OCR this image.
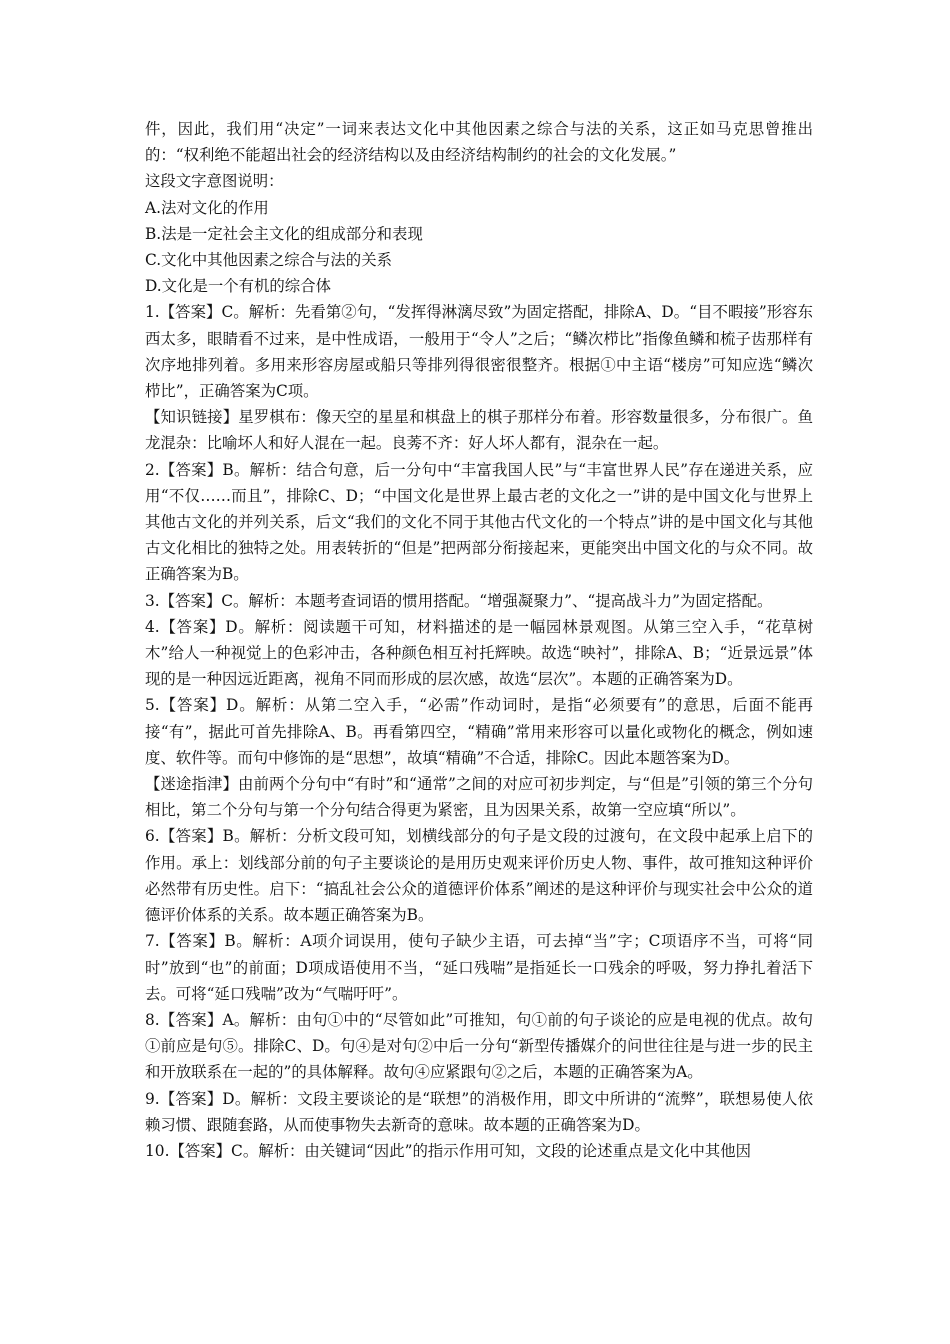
件，因此，我们用“决定”一词来表达文化中其他因素之综合与法的关系，这正如马克思曾推出的：“权利绝不能超出社会的经济结构以及由经济结构制约的社会的文化发展。”

这段文字意图说明：

A.法对文化的作用

B.法是一定社会主文化的组成部分和表现

C.文化中其他因素之综合与法的关系

D.文化是一个有机的综合体

1.【答案】C。解析：先看第②句，“发挥得淋漓尽致”为固定搭配，排除A、D。“目不暇接”形容东西太多，眼睛看不过来，是中性成语，一般用于“令人”之后；“鳞次栉比”指像鱼鳞和梳子齿那样有次序地排列着。多用来形容房屋或船只等排列得很密很整齐。根据①中主语“楼房”可知应选“鳞次栉比”，正确答案为C项。

【知识链接】星罗棋布：像天空的星星和棋盘上的棋子那样分布着。形容数量很多，分布很广。鱼龙混杂：比喻坏人和好人混在一起。良莠不齐：好人坏人都有，混杂在一起。

2.【答案】B。解析：结合句意，后一分句中“丰富我国人民”与“丰富世界人民”存在递进关系，应用“不仅……而且”，排除C、D；“中国文化是世界上最古老的文化之一”讲的是中国文化与世界上其他古文化的并列关系，后文“我们的文化不同于其他古代文化的一个特点”讲的是中国文化与其他古文化相比的独特之处。用表转折的“但是”把两部分衔接起来，更能突出中国文化的与众不同。故正确答案为B。

3.【答案】C。解析：本题考查词语的惯用搭配。“增强凝聚力”、“提高战斗力”为固定搭配。

4.【答案】D。解析：阅读题干可知，材料描述的是一幅园林景观图。从第三空入手，“花草树木”给人一种视觉上的色彩冲击，各种颜色相互衬托辉映。故选“映衬”，排除A、B；“近景远景”体现的是一种因远近距离，视角不同而形成的层次感，故选“层次”。本题的正确答案为D。

5.【答案】D。解析：从第二空入手，“必需”作动词时，是指“必须要有”的意思，后面不能再接“有”，据此可首先排除A、B。再看第四空，“精确”常用来形容可以量化或物化的概念，例如速度、软件等。而句中修饰的是“思想”，故填“精确”不合适，排除C。因此本题答案为D。

【迷途指津】由前两个分句中“有时”和“通常”之间的对应可初步判定，与“但是”引领的第三个分句相比，第二个分句与第一个分句结合得更为紧密，且为因果关系，故第一空应填“所以”。

6.【答案】B。解析：分析文段可知，划横线部分的句子是文段的过渡句，在文段中起承上启下的作用。承上：划线部分前的句子主要谈论的是用历史观来评价历史人物、事件，故可推知这种评价必然带有历史性。启下：“搞乱社会公众的道德评价体系”阐述的是这种评价与现实社会中公众的道德评价体系的关系。故本题正确答案为B。

7.【答案】B。解析：A项介词误用，使句子缺少主语，可去掉“当”字；C项语序不当，可将“同时”放到“也”的前面；D项成语使用不当，“延口残喘”是指延长一口残余的呼吸，努力挣扎着活下去。可将“延口残喘”改为“气喘吁吁”。

8.【答案】A。解析：由句①中的“尽管如此”可推知，句①前的句子谈论的应是电视的优点。故句①前应是句⑤。排除C、D。句④是对句②中后一分句“新型传播媒介的问世往往是与进一步的民主和开放联系在一起的”的具体解释。故句④应紧跟句②之后，本题的正确答案为A。

9.【答案】D。解析：文段主要谈论的是“联想”的消极作用，即文中所讲的“流弊”，联想易使人依赖习惯、跟随套路，从而使事物失去新奇的意味。故本题的正确答案为D。

10.【答案】C。解析：由关键词“因此”的指示作用可知，文段的论述重点是文化中其他因
